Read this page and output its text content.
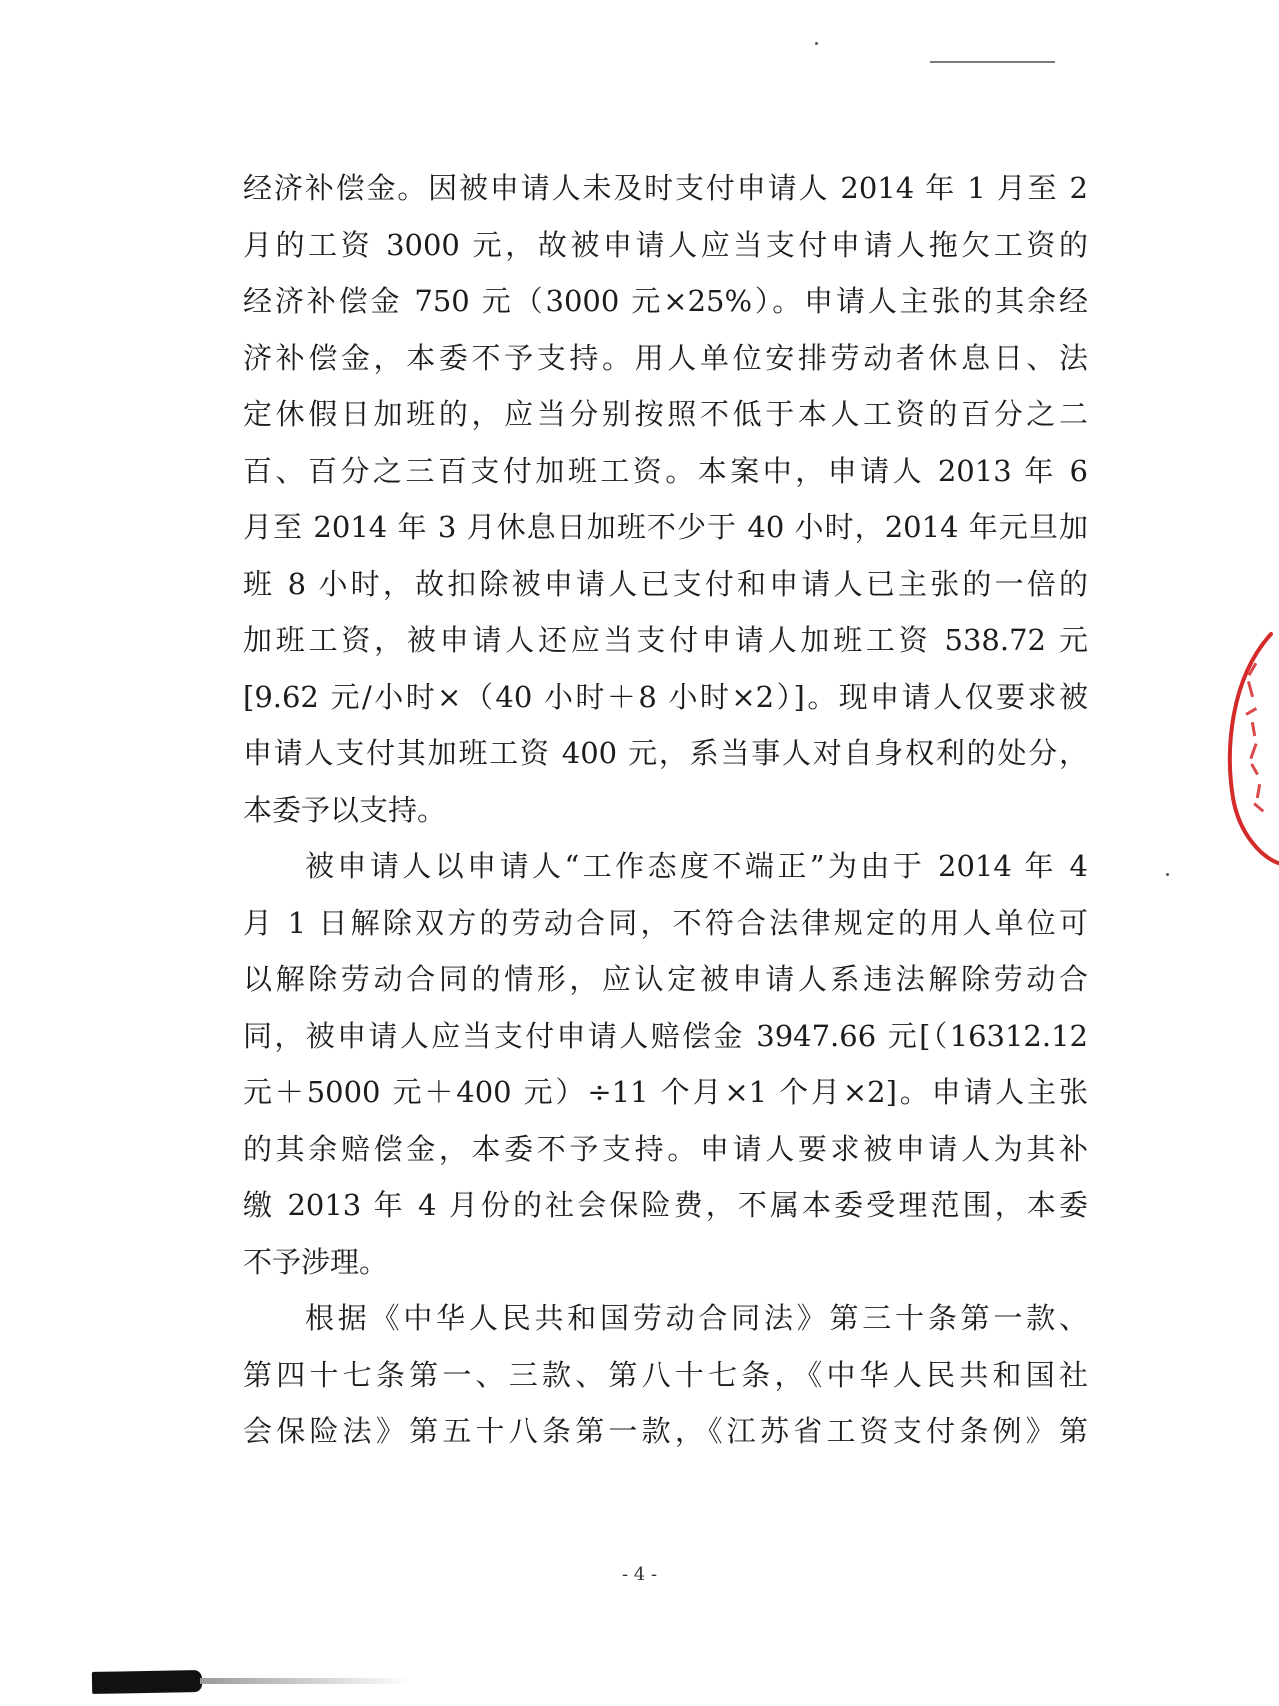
经济补偿金。因被申请人未及时支付申请人 2014 年 1 月至 2
月的工资 3000 元，故被申请人应当支付申请人拖欠工资的
经济补偿金 750 元（3000 元×25%）。申请人主张的其余经
济补偿金，本委不予支持。用人单位安排劳动者休息日、法
定休假日加班的，应当分别按照不低于本人工资的百分之二
百、百分之三百支付加班工资。本案中，申请人 2013 年 6
月至 2014 年 3 月休息日加班不少于 40 小时，2014 年元旦加
班 8 小时，故扣除被申请人已支付和申请人已主张的一倍的
加班工资，被申请人还应当支付申请人加班工资 538.72 元
[9.62 元/小时×（40 小时＋8 小时×2）]。现申请人仅要求被
申请人支付其加班工资 400 元，系当事人对自身权利的处分，
本委予以支持。
被申请人以申请人“工作态度不端正”为由于 2014 年 4
月 1 日解除双方的劳动合同，不符合法律规定的用人单位可
以解除劳动合同的情形，应认定被申请人系违法解除劳动合
同，被申请人应当支付申请人赔偿金 3947.66 元[（16312.12
元＋5000 元＋400 元）÷11 个月×1 个月×2]。申请人主张
的其余赔偿金，本委不予支持。申请人要求被申请人为其补
缴 2013 年 4 月份的社会保险费，不属本委受理范围，本委
不予涉理。
根据《中华人民共和国劳动合同法》第三十条第一款、
第四十七条第一、三款、第八十七条，《中华人民共和国社
会保险法》第五十八条第一款，《江苏省工资支付条例》第
- 4 -
